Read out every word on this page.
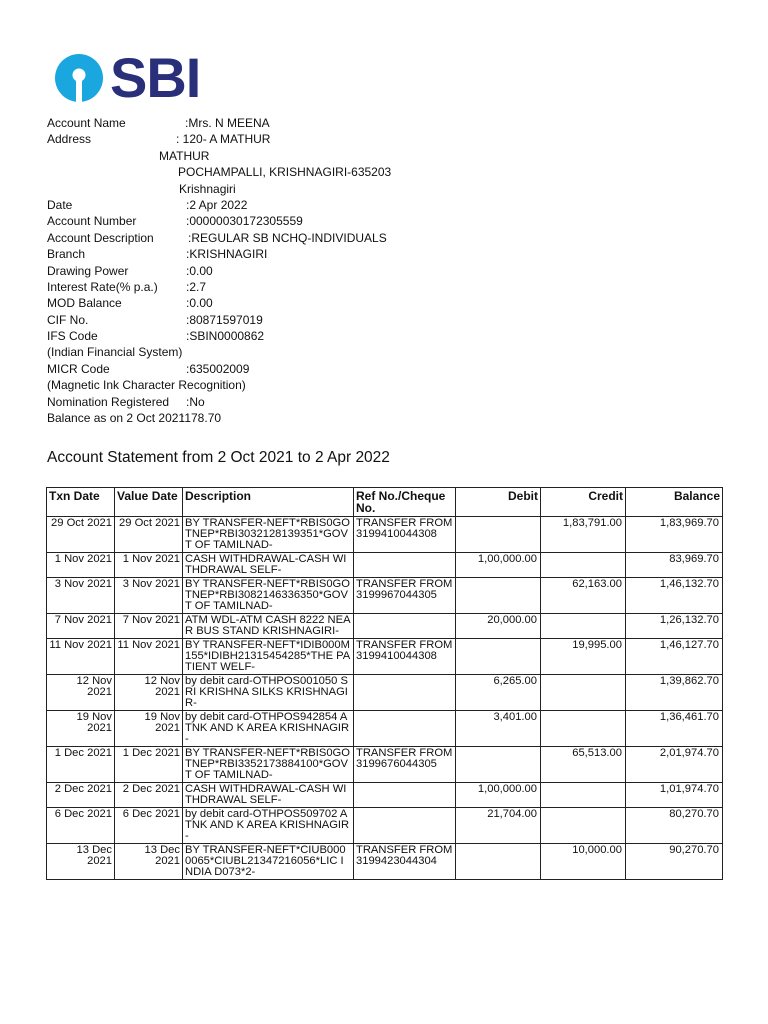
SBI
Account Name	:Mrs. N MEENA
Address	: 120- A MATHUR
MATHUR
POCHAMPALLI, KRISHNAGIRI-635203
Krishnagiri
Date	:2 Apr 2022
Account Number	:00000030172305559
Account Description	:REGULAR SB NCHQ-INDIVIDUALS
Branch	:KRISHNAGIRI
Drawing Power	:0.00
Interest Rate(% p.a.) :2.7
MOD Balance	:0.00
CIF No.	:80871597019
IFS Code	:SBIN0000862
(Indian Financial System)
MICR Code	:635002009
(Magnetic Ink Character Recognition)
Nomination Registered :No
Balance as on 2 Oct 2021
:178.70
Account Statement from 2 Oct 2021 to 2 Apr 2022
Txn Date	Value Date	Description	Ref No./Cheque No.	Debit	Credit	Balance
29 Oct 2021	29 Oct 2021	BY TRANSFER-NEFT*RBIS0GOTNEP*RBI3032128139351*GOVT OF TAMILNAD-	TRANSFER FROM 3199410044308		1,83,791.00	1,83,969.70
1 Nov 2021	1 Nov 2021	CASH WITHDRAWAL-CASH WITHDRAWAL SELF-		1,00,000.00		83,969.70
3 Nov 2021	3 Nov 2021	BY TRANSFER-NEFT*RBIS0GOTNEP*RBI3082146336350*GOVT OF TAMILNAD-	TRANSFER FROM 3199967044305		62,163.00	1,46,132.70
7 Nov 2021	7 Nov 2021	ATM WDL-ATM CASH 8222 NEAR BUS STAND KRISHNAGIRI-		20,000.00		1,26,132.70
11 Nov 2021	11 Nov 2021	BY TRANSFER-NEFT*IDIB000M155*IDIBH21315454285*THE PATIENT WELF-	TRANSFER FROM 3199410044308		19,995.00	1,46,127.70
12 Nov 2021	12 Nov 2021	by debit card-OTHPOS001050 SRI KRISHNA SILKS KRISHNAGIR-		6,265.00		1,39,862.70
19 Nov 2021	19 Nov 2021	by debit card-OTHPOS942854 ATNK AND K AREA KRISHNAGIR-		3,401.00		1,36,461.70
1 Dec 2021	1 Dec 2021	BY TRANSFER-NEFT*RBIS0GOTNEP*RBI3352173884100*GOVT OF TAMILNAD-	TRANSFER FROM 3199676044305		65,513.00	2,01,974.70
2 Dec 2021	2 Dec 2021	CASH WITHDRAWAL-CASH WITHDRAWAL SELF-		1,00,000.00		1,01,974.70
6 Dec 2021	6 Dec 2021	by debit card-OTHPOS509702 ATNK AND K AREA KRISHNAGIR-		21,704.00		80,270.70
13 Dec 2021	13 Dec 2021	BY TRANSFER-NEFT*CIUB0000065*CIUBL21347216056*LIC INDIA D073*2-	TRANSFER FROM 3199423044304		10,000.00	90,270.70
